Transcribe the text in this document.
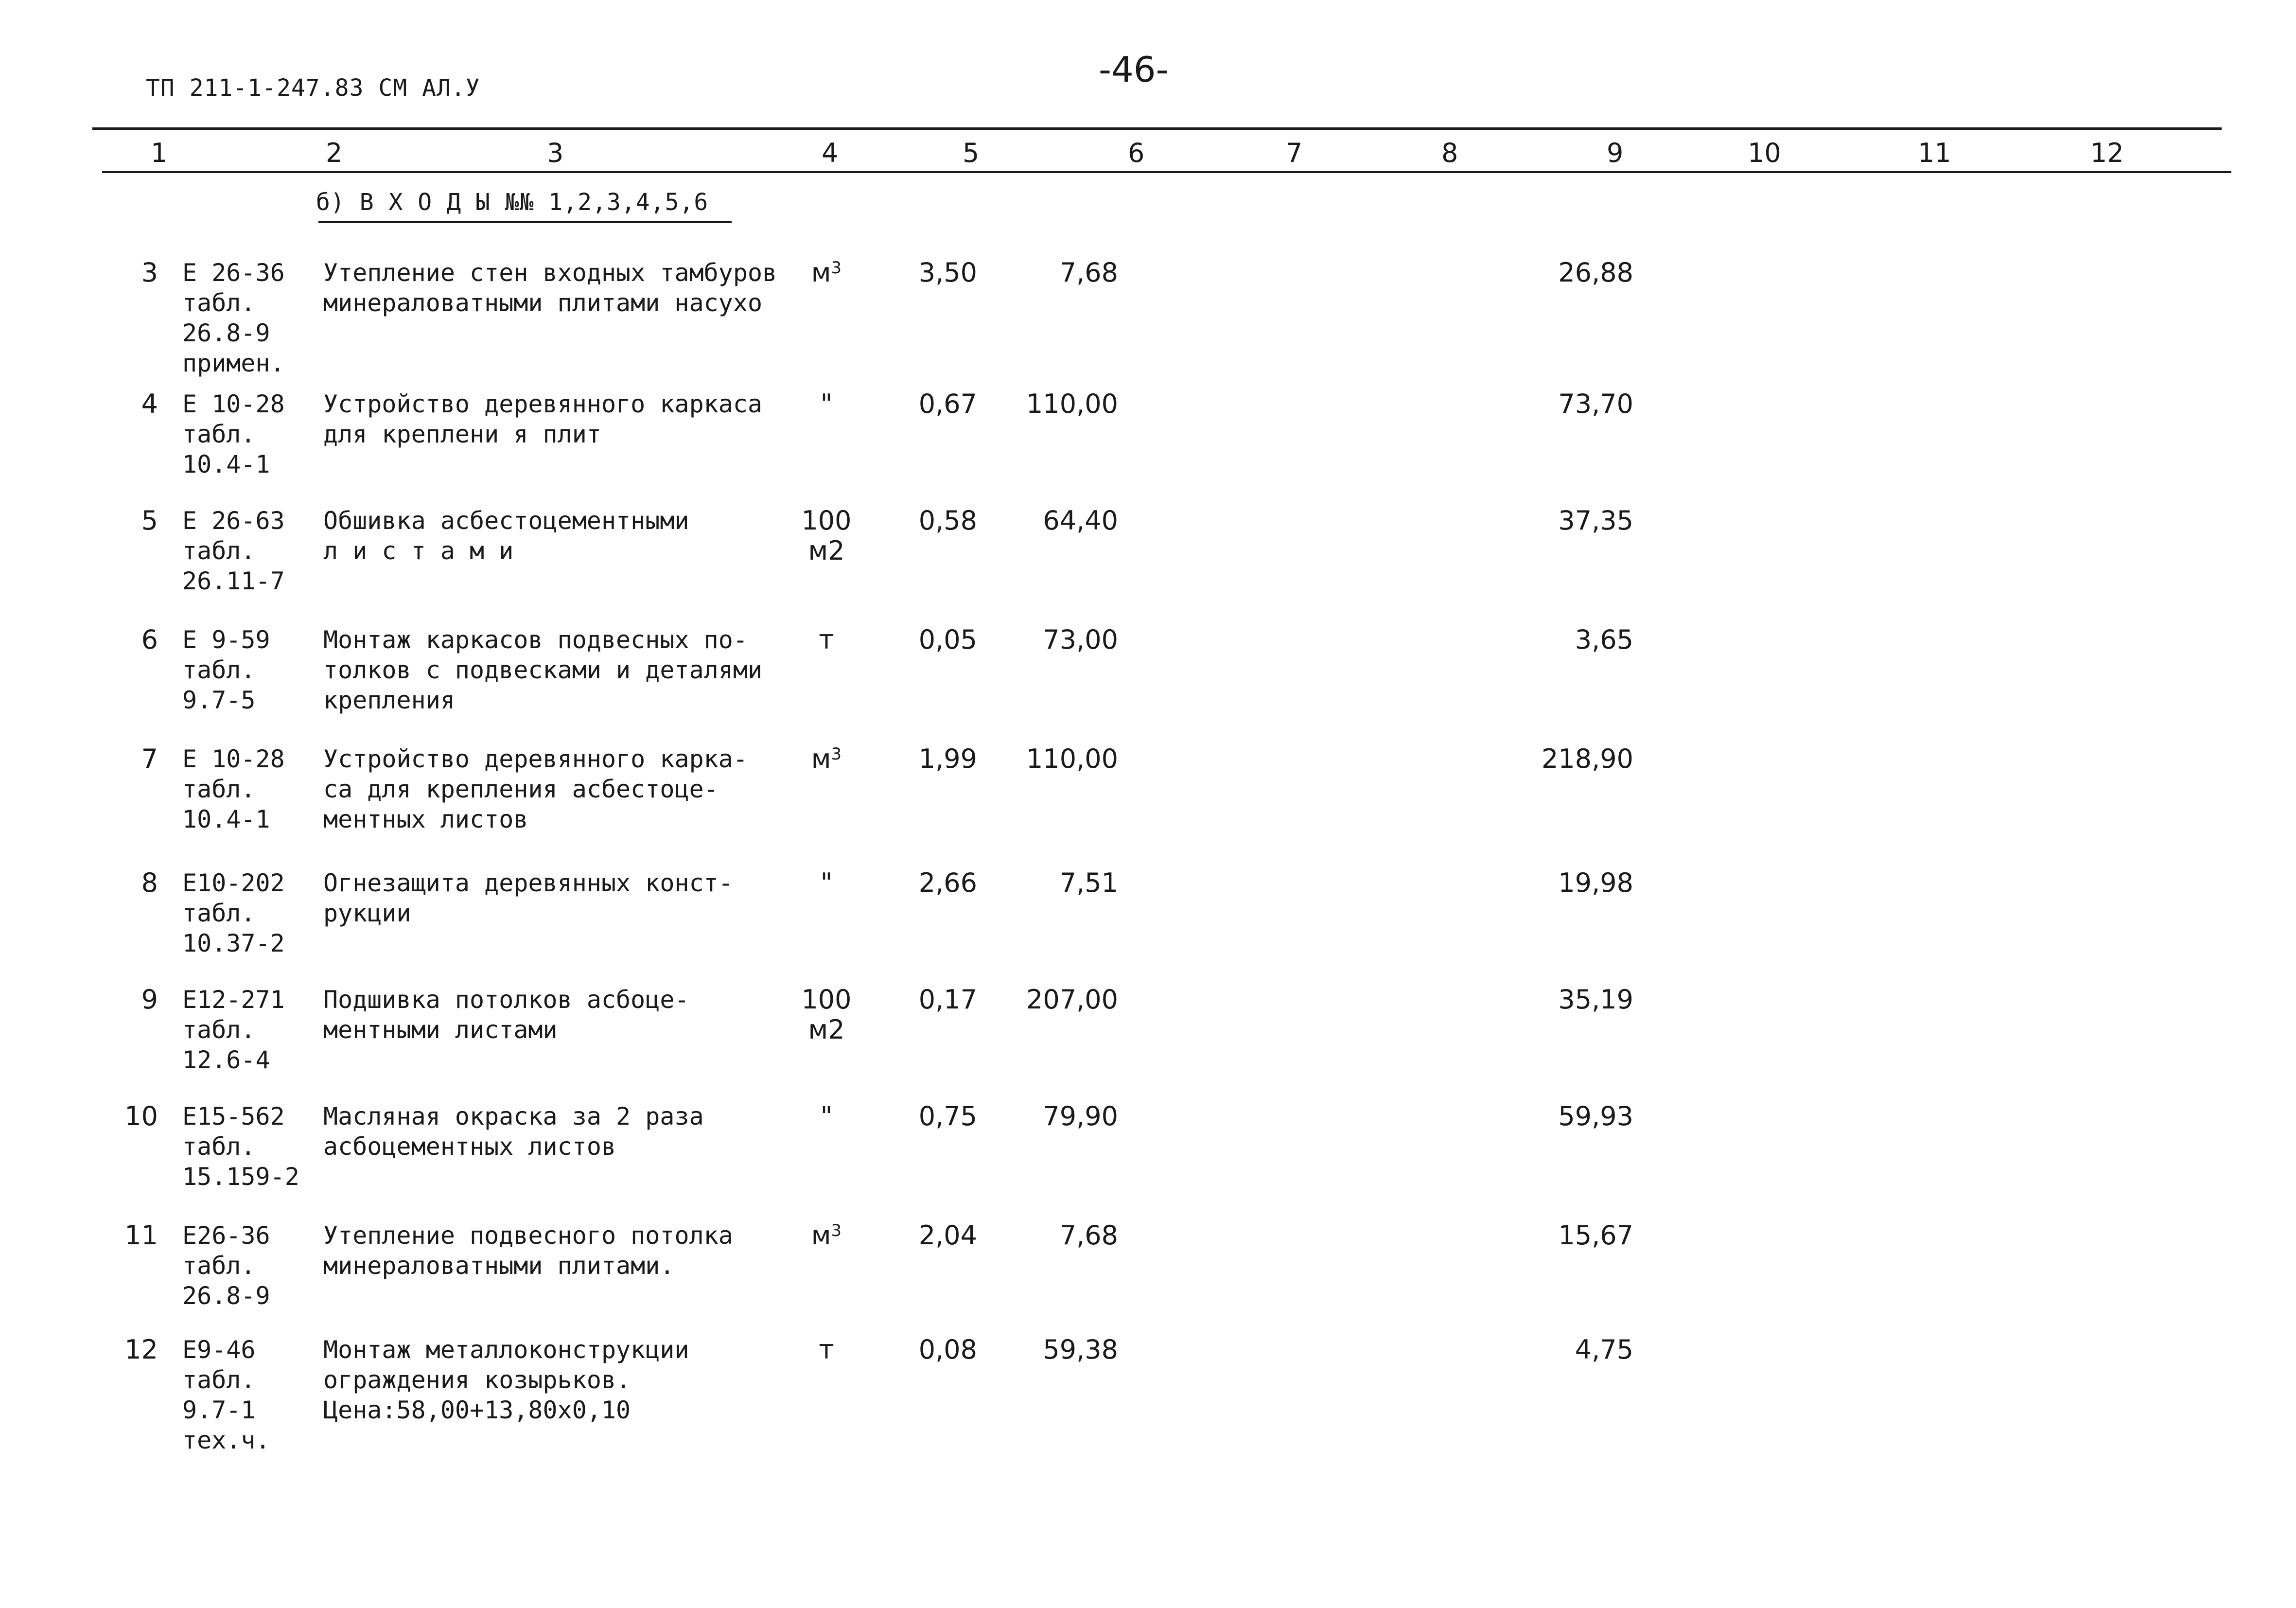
ТП 211-1-247.83 СМ АЛ.У	-46-
1	2	3	4	5	6	7	8	9	10	11	12
б) В Х О Д Ы №№ 1,2,3,4,5,6
3 Е 26-36
табл.
26.8-9
примен.
Утепление стен входных тамбуров
минераловатными плитами насухо
$м^3$	3,50	7,68	26,88
4 Е 10-28
табл.
10.4-1
Устройство деревянного каркаса
для креплени я плит
"	0,67 110,00	73,70
5 Е 26-63
табл.
26.11-7
Обшивка асбестоцементными
л и с т а м и
100
м2
0,58	64,40	37,35
6 Е 9-59
табл.
9.7-5
Монтаж каркасов подвесных по-
толков с подвесками и деталями
крепления
т	0,05	73,00	3,65
7 Е 10-28
табл.
10.4-1
Устройство деревянного карка-
са для крепления асбестоце-
ментных листов
$м^3$	1,99 110,00	218,90
8 Е10-202
табл.
10.37-2
Огнезащита деревянных конст-
рукции
"	2,66	7,51	19,98
9 Е12-271
табл.
12.6-4
Подшивка потолков асбоце-
ментными листами
100
м2
0,17 207,00	35,19
10 Е15-562
табл.
15.159-2
Масляная окраска за 2 раза
асбоцементных листов
"	0,75	79,90	59,93
11 Е26-36
табл.
26.8-9
Утепление подвесного потолка
минераловатными плитами.
$м^3$	2,04	7,68	15,67
12 Е9-46
табл.
9.7-1
тех.ч.
Монтаж металлоконструкции
ограждения козырьков.
Цена:58,00+13,80х0,10
т	0,08	59,38	4,75
